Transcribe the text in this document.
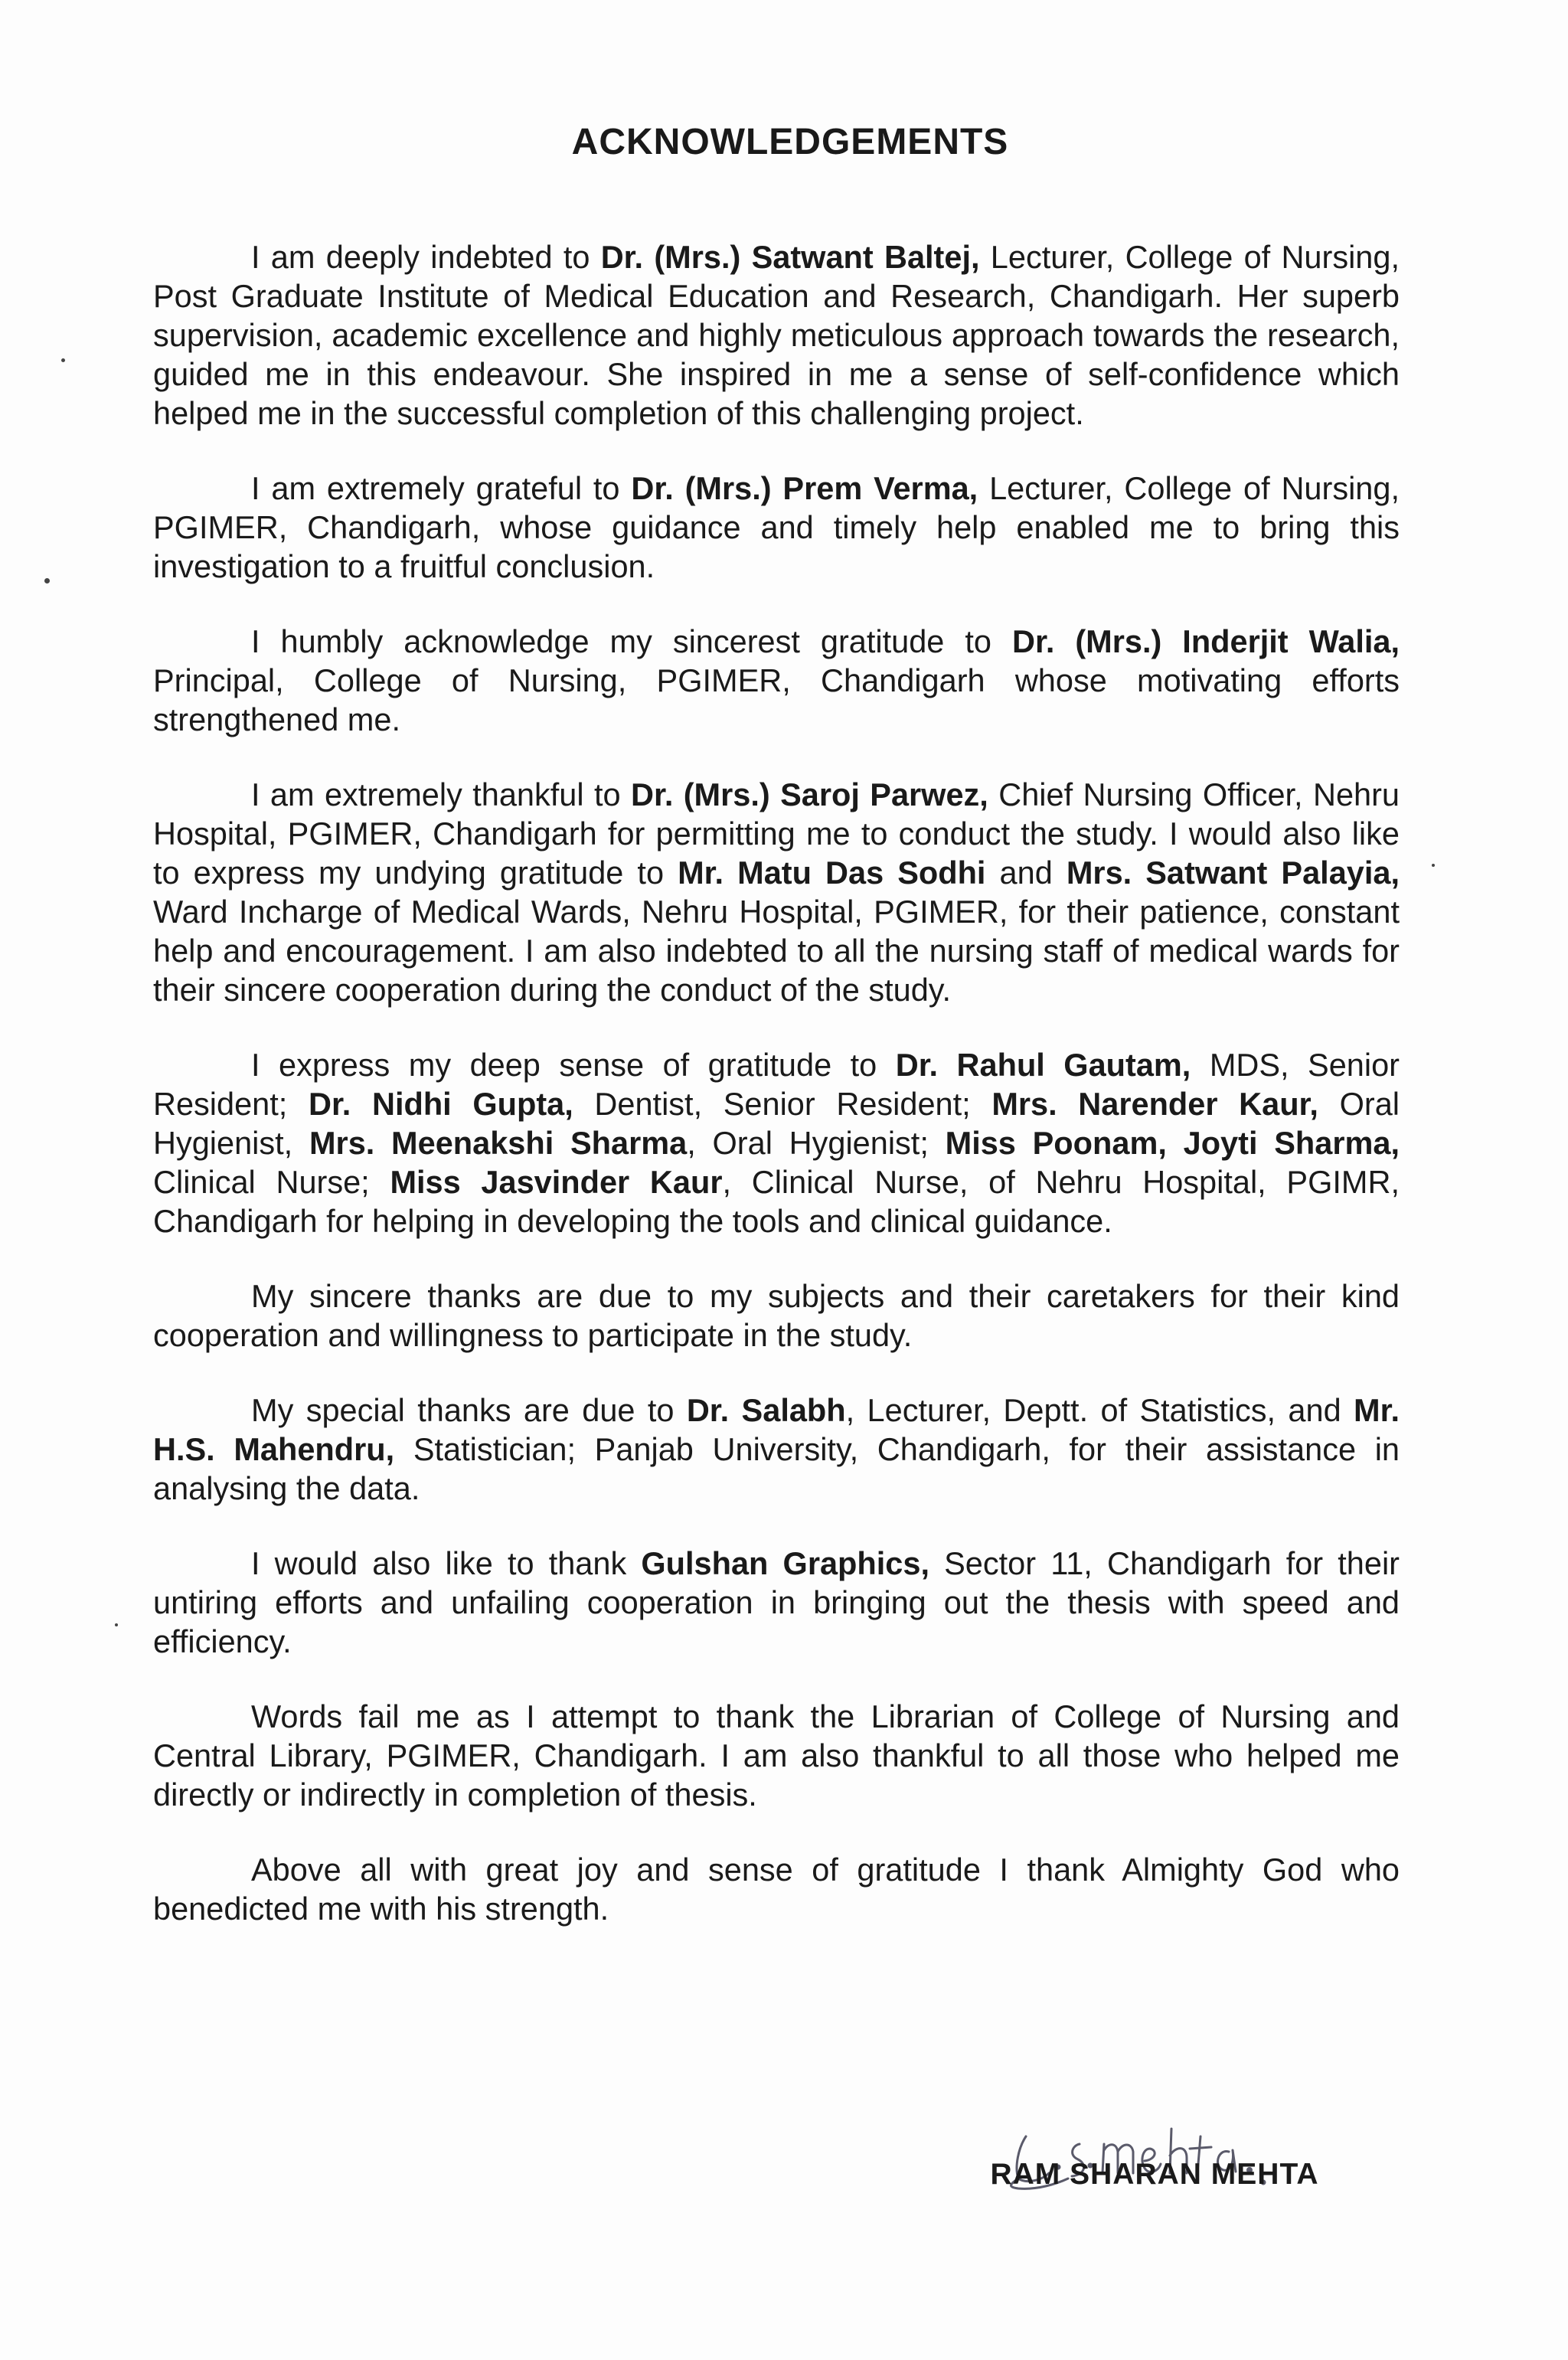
ACKNOWLEDGEMENTS

I am deeply indebted to Dr. (Mrs.) Satwant Baltej, Lecturer, College of Nursing, Post Graduate Institute of Medical Education and Research, Chandigarh. Her superb supervision, academic excellence and highly meticulous approach towards the research, guided me in this endeavour. She inspired in me a sense of self-confidence which helped me in the successful completion of this challenging project.

I am extremely grateful to Dr. (Mrs.) Prem Verma, Lecturer, College of Nursing, PGIMER, Chandigarh, whose guidance and timely help enabled me to bring this investigation to a fruitful conclusion.

I humbly acknowledge my sincerest gratitude to Dr. (Mrs.) Inderjit Walia, Principal, College of Nursing, PGIMER, Chandigarh whose motivating efforts strengthened me.

I am extremely thankful to Dr. (Mrs.) Saroj Parwez, Chief Nursing Officer, Nehru Hospital, PGIMER, Chandigarh for permitting me to conduct the study. I would also like to express my undying gratitude to Mr. Matu Das Sodhi and Mrs. Satwant Palayia, Ward Incharge of Medical Wards, Nehru Hospital, PGIMER, for their patience, constant help and encouragement. I am also indebted to all the nursing staff of medical wards for their sincere cooperation during the conduct of the study.

I express my deep sense of gratitude to Dr. Rahul Gautam, MDS, Senior Resident; Dr. Nidhi Gupta, Dentist, Senior Resident; Mrs. Narender Kaur, Oral Hygienist, Mrs. Meenakshi Sharma, Oral Hygienist; Miss Poonam, Joyti Sharma, Clinical Nurse; Miss Jasvinder Kaur, Clinical Nurse, of Nehru Hospital, PGIMR, Chandigarh for helping in developing the tools and clinical guidance.

My sincere thanks are due to my subjects and their caretakers for their kind cooperation and willingness to participate in the study.

My special thanks are due to Dr. Salabh, Lecturer, Deptt. of Statistics, and Mr. H.S. Mahendru, Statistician; Panjab University, Chandigarh, for their assistance in analysing the data.

I would also like to thank Gulshan Graphics, Sector 11, Chandigarh for their untiring efforts and unfailing cooperation in bringing out the thesis with speed and efficiency.

Words fail me as I attempt to thank the Librarian of College of Nursing and Central Library, PGIMER, Chandigarh. I am also thankful to all those who helped me directly or indirectly in completion of thesis.

Above all with great joy and sense of gratitude I thank Almighty God who benedicted me with his strength.

RAM SHARAN MEHTA
